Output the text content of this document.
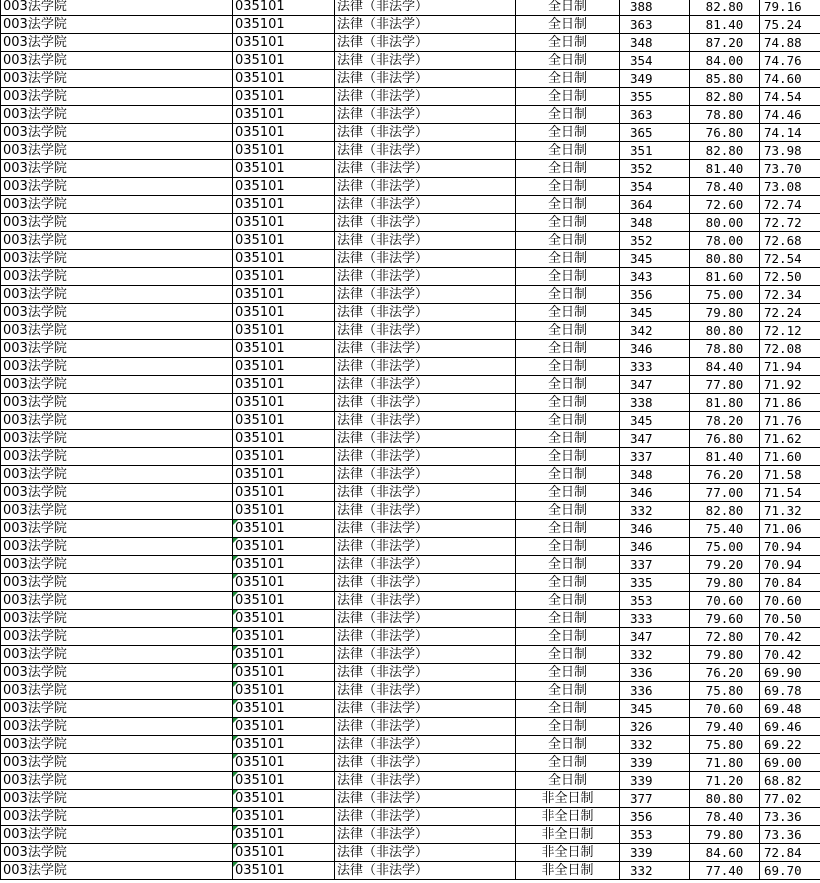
003法学院	035101	法律（非法学）	全日制	388	82.80	79.16
003法学院	035101	法律（非法学）	全日制	363	81.40	75.24
003法学院	035101	法律（非法学）	全日制	348	87.20	74.88
003法学院	035101	法律（非法学）	全日制	354	84.00	74.76
003法学院	035101	法律（非法学）	全日制	349	85.80	74.60
003法学院	035101	法律（非法学）	全日制	355	82.80	74.54
003法学院	035101	法律（非法学）	全日制	363	78.80	74.46
003法学院	035101	法律（非法学）	全日制	365	76.80	74.14
003法学院	035101	法律（非法学）	全日制	351	82.80	73.98
003法学院	035101	法律（非法学）	全日制	352	81.40	73.70
003法学院	035101	法律（非法学）	全日制	354	78.40	73.08
003法学院	035101	法律（非法学）	全日制	364	72.60	72.74
003法学院	035101	法律（非法学）	全日制	348	80.00	72.72
003法学院	035101	法律（非法学）	全日制	352	78.00	72.68
003法学院	035101	法律（非法学）	全日制	345	80.80	72.54
003法学院	035101	法律（非法学）	全日制	343	81.60	72.50
003法学院	035101	法律（非法学）	全日制	356	75.00	72.34
003法学院	035101	法律（非法学）	全日制	345	79.80	72.24
003法学院	035101	法律（非法学）	全日制	342	80.80	72.12
003法学院	035101	法律（非法学）	全日制	346	78.80	72.08
003法学院	035101	法律（非法学）	全日制	333	84.40	71.94
003法学院	035101	法律（非法学）	全日制	347	77.80	71.92
003法学院	035101	法律（非法学）	全日制	338	81.80	71.86
003法学院	035101	法律（非法学）	全日制	345	78.20	71.76
003法学院	035101	法律（非法学）	全日制	347	76.80	71.62
003法学院	035101	法律（非法学）	全日制	337	81.40	71.60
003法学院	035101	法律（非法学）	全日制	348	76.20	71.58
003法学院	035101	法律（非法学）	全日制	346	77.00	71.54
003法学院	035101	法律（非法学）	全日制	332	82.80	71.32
003法学院	035101	法律（非法学）	全日制	346	75.40	71.06
003法学院	035101	法律（非法学）	全日制	346	75.00	70.94
003法学院	035101	法律（非法学）	全日制	337	79.20	70.94
003法学院	035101	法律（非法学）	全日制	335	79.80	70.84
003法学院	035101	法律（非法学）	全日制	353	70.60	70.60
003法学院	035101	法律（非法学）	全日制	333	79.60	70.50
003法学院	035101	法律（非法学）	全日制	347	72.80	70.42
003法学院	035101	法律（非法学）	全日制	332	79.80	70.42
003法学院	035101	法律（非法学）	全日制	336	76.20	69.90
003法学院	035101	法律（非法学）	全日制	336	75.80	69.78
003法学院	035101	法律（非法学）	全日制	345	70.60	69.48
003法学院	035101	法律（非法学）	全日制	326	79.40	69.46
003法学院	035101	法律（非法学）	全日制	332	75.80	69.22
003法学院	035101	法律（非法学）	全日制	339	71.80	69.00
003法学院	035101	法律（非法学）	全日制	339	71.20	68.82
003法学院	035101	法律（非法学）	非全日制	377	80.80	77.02
003法学院	035101	法律（非法学）	非全日制	356	78.40	73.36
003法学院	035101	法律（非法学）	非全日制	353	79.80	73.36
003法学院	035101	法律（非法学）	非全日制	339	84.60	72.84
003法学院	035101	法律（非法学）	非全日制	332	77.40	69.70
